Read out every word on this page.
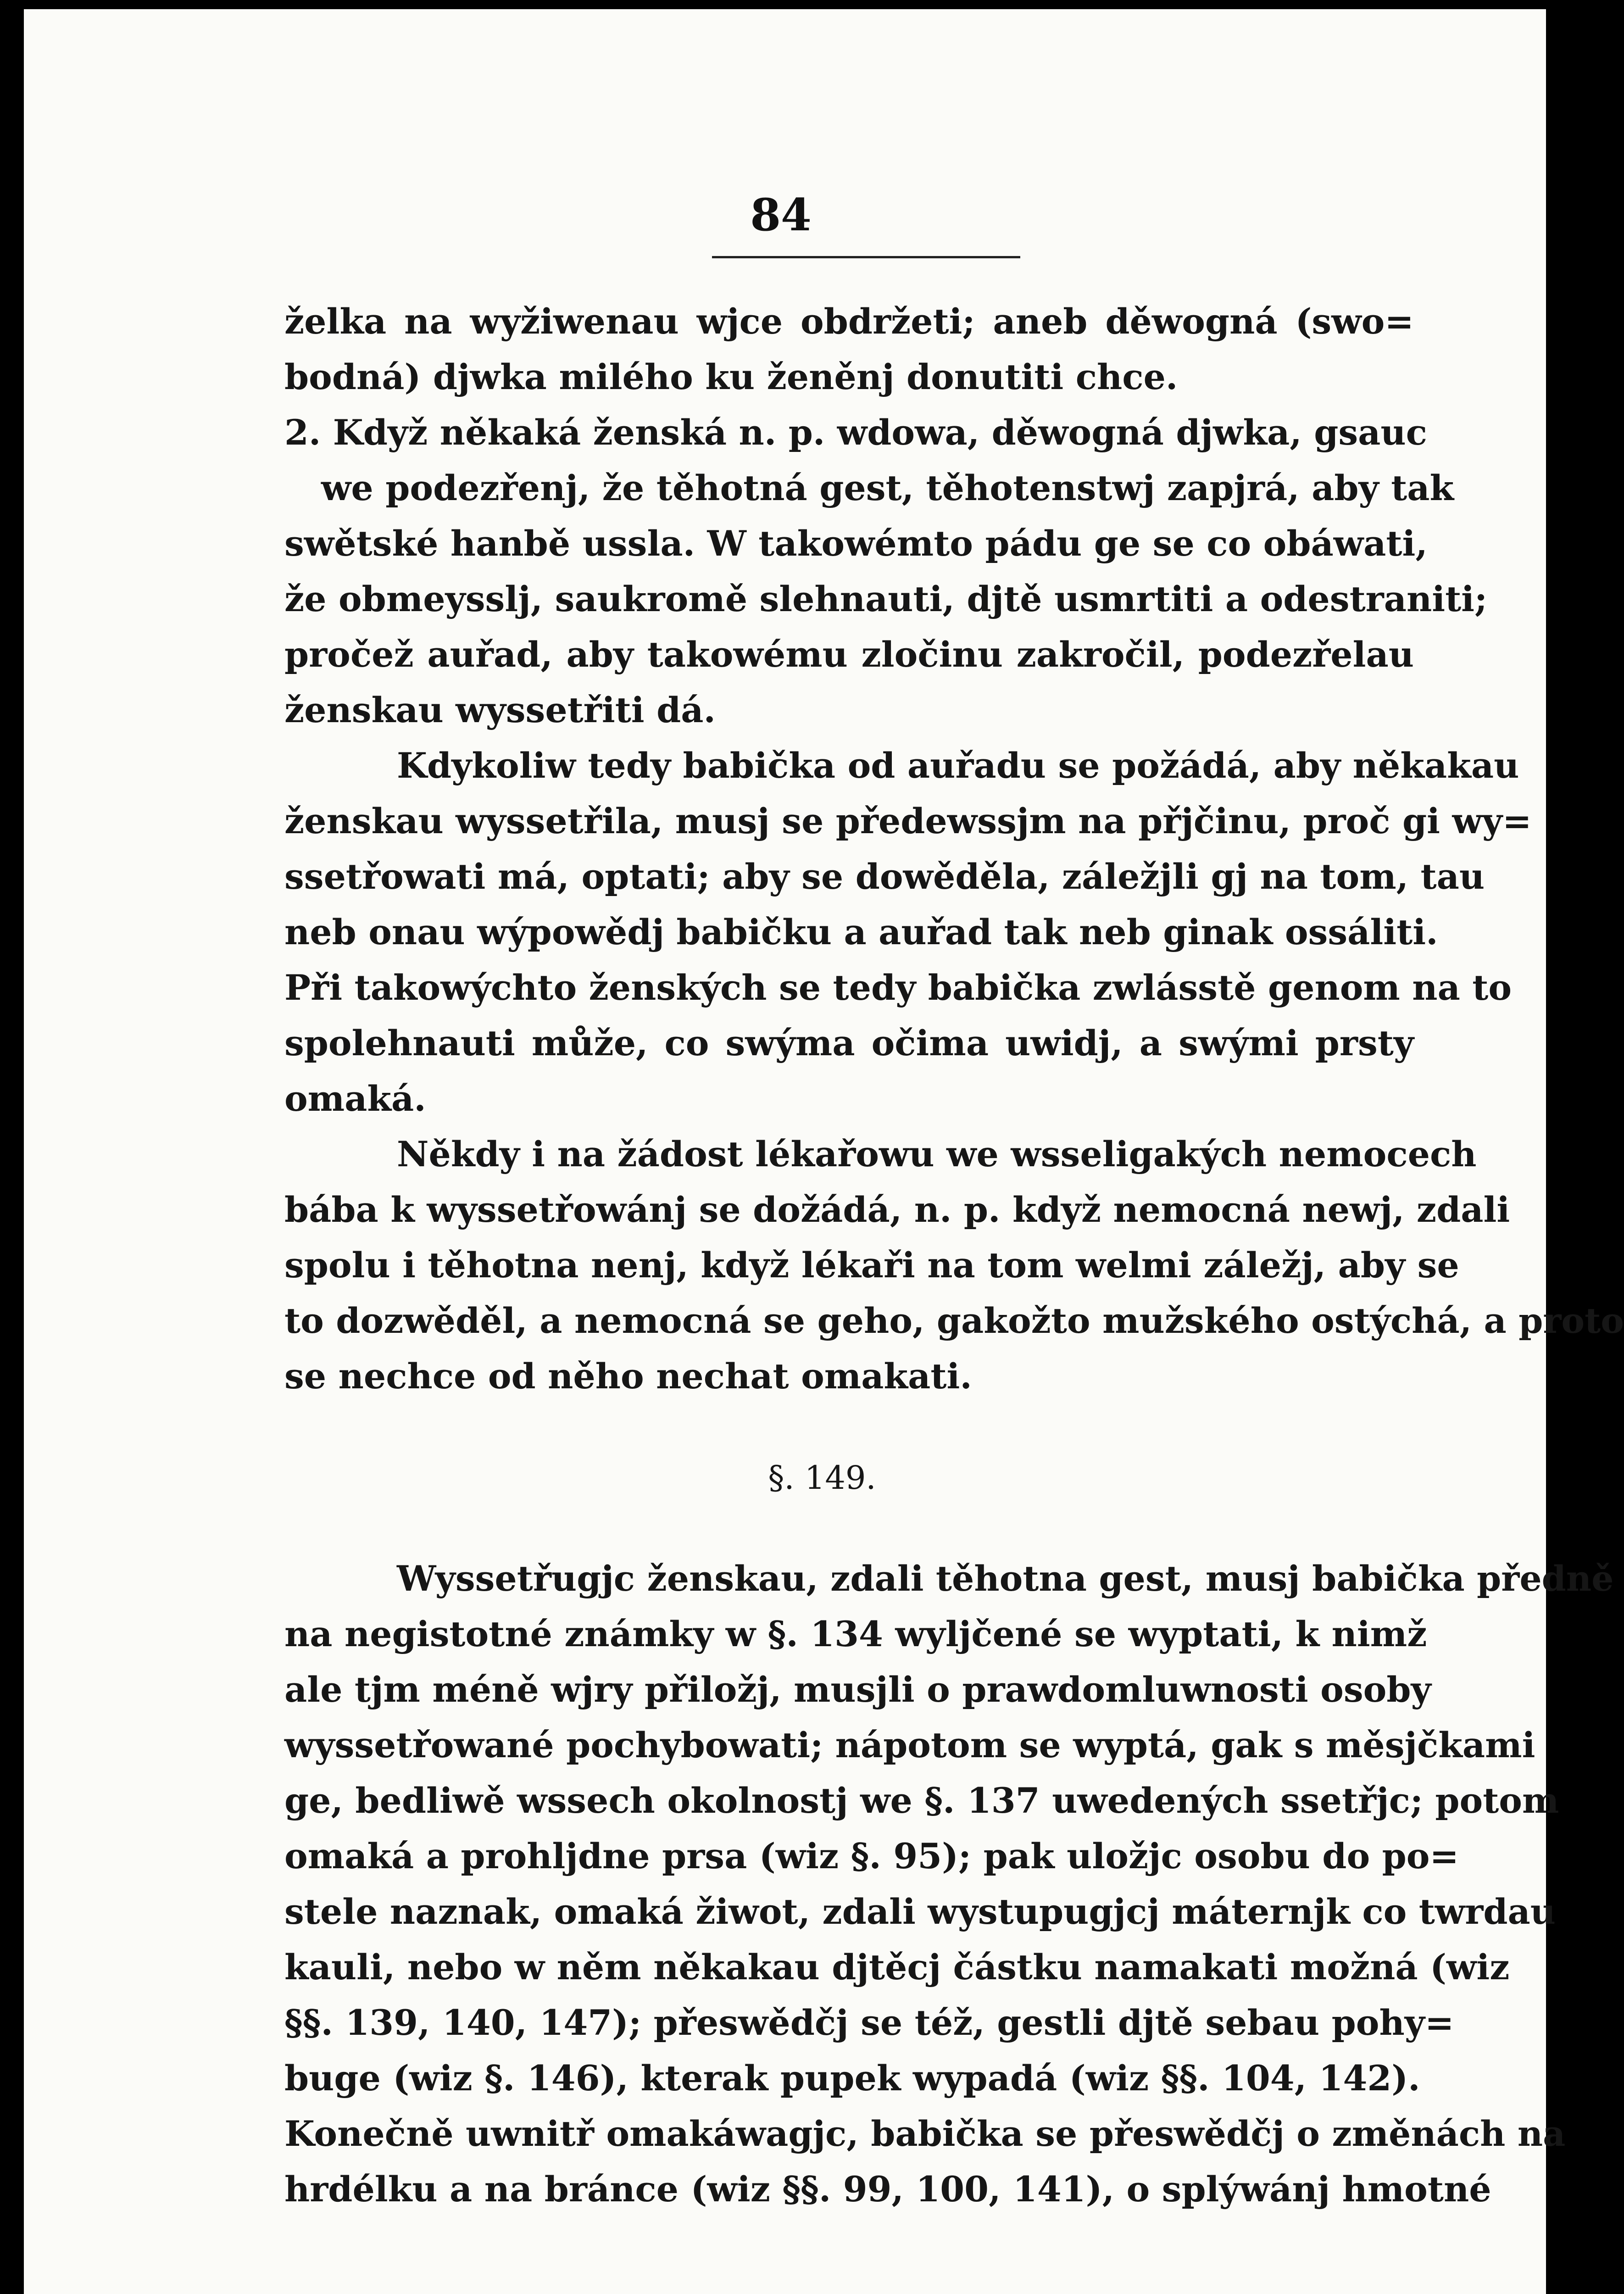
84

želka na wyžiwenau wjce obdržeti; aneb děwogná (swo=
bodná) djwka milého ku ženěnj donutiti chce.

2. Když někaká ženská n. p. wdowa, děwogná djwka, gsauc
we podezřenj, že těhotná gest, těhotenstwj zapjrá, aby tak
swětské hanbě ussla. W takowémto pádu ge se co obáwati,
že obmeysslj, saukromě slehnauti, djtě usmrtiti a odestraniti;
pročež auřad, aby takowému zločinu zakročil, podezřelau
ženskau wyssetřiti dá.

Kdykoliw tedy babička od auřadu se požádá, aby někakau
ženskau wyssetřila, musj se předewssjm na přjčinu, proč gi wy=
ssetřowati má, optati; aby se dowěděla, záležjli gj na tom, tau
neb onau wýpowědj babičku a auřad tak neb ginak ossáliti.
Při takowýchto ženských se tedy babička zwlásstě genom na to
spolehnauti může, co swýma očima uwidj, a swými prsty
omaká.

Někdy i na žádost lékařowu we wsseligakých nemocech
bába k wyssetřowánj se dožádá, n. p. když nemocná newj, zdali
spolu i těhotna nenj, když lékaři na tom welmi záležj, aby se
to dozwěděl, a nemocná se geho, gakožto mužského ostýchá, a proto
se nechce od něho nechat omakati.

§. 149.

Wyssetřugjc ženskau, zdali těhotna gest, musj babička předně
na negistotné známky w §. 134 wyljčené se wyptati, k nimž
ale tjm méně wjry přiložj, musjli o prawdomluwnosti osoby
wyssetřowané pochybowati; nápotom se wyptá, gak s měsjčkami
ge, bedliwě wssech okolnostj we §. 137 uwedených ssetřjc; potom
omaká a prohljdne prsa (wiz §. 95); pak uložjc osobu do po=
stele naznak, omaká žiwot, zdali wystupugjcj máternjk co twrdau
kauli, nebo w něm někakau djtěcj částku namakati možná (wiz
§§. 139, 140, 147); přeswědčj se též, gestli djtě sebau pohy=
buge (wiz §. 146), kterak pupek wypadá (wiz §§. 104, 142).
Konečně uwnitř omakáwagjc, babička se přeswědčj o změnách na
hrdélku a na bránce (wiz §§. 99, 100, 141), o splýwánj hmotné
